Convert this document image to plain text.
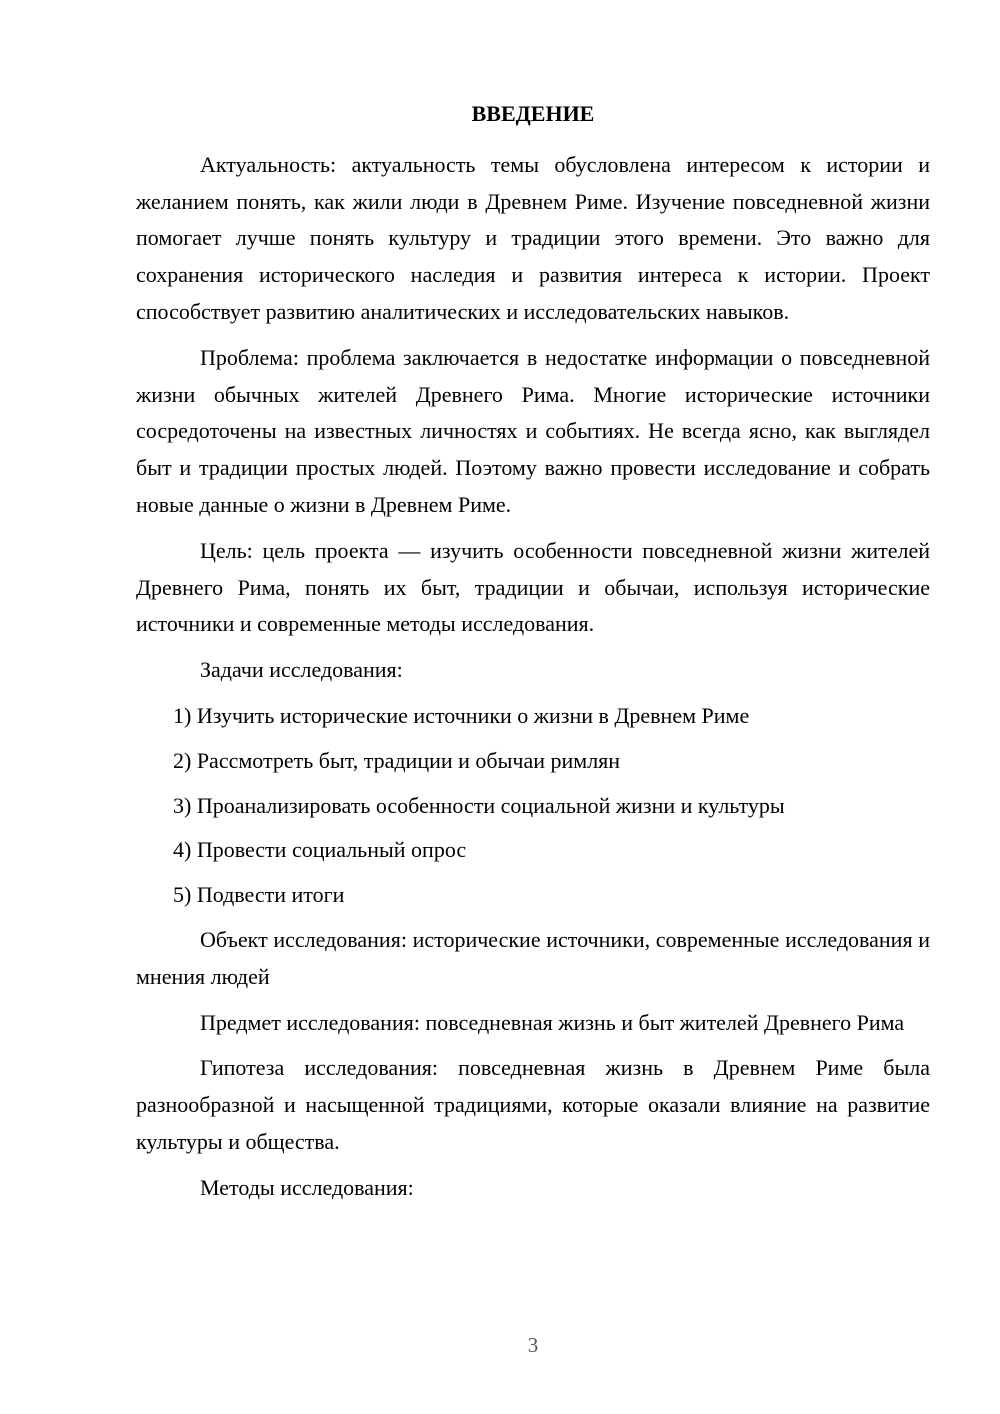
ВВЕДЕНИЕ

Актуальность: актуальность темы обусловлена интересом к истории и желанием понять, как жили люди в Древнем Риме. Изучение повседневной жизни помогает лучше понять культуру и традиции этого времени. Это важно для сохранения исторического наследия и развития интереса к истории. Проект способствует развитию аналитических и исследовательских навыков.

Проблема: проблема заключается в недостатке информации о повседневной жизни обычных жителей Древнего Рима. Многие исторические источники сосредоточены на известных личностях и событиях. Не всегда ясно, как выглядел быт и традиции простых людей. Поэтому важно провести исследование и собрать новые данные о жизни в Древнем Риме.

Цель: цель проекта — изучить особенности повседневной жизни жителей Древнего Рима, понять их быт, традиции и обычаи, используя исторические источники и современные методы исследования.

Задачи исследования:

1) Изучить исторические источники о жизни в Древнем Риме

2) Рассмотреть быт, традиции и обычаи римлян

3) Проанализировать особенности социальной жизни и культуры

4) Провести социальный опрос

5) Подвести итоги

Объект исследования: исторические источники, современные исследования и мнения людей

Предмет исследования: повседневная жизнь и быт жителей Древнего Рима

Гипотеза исследования: повседневная жизнь в Древнем Риме была разнообразной и насыщенной традициями, которые оказали влияние на развитие культуры и общества.

Методы исследования:

3
